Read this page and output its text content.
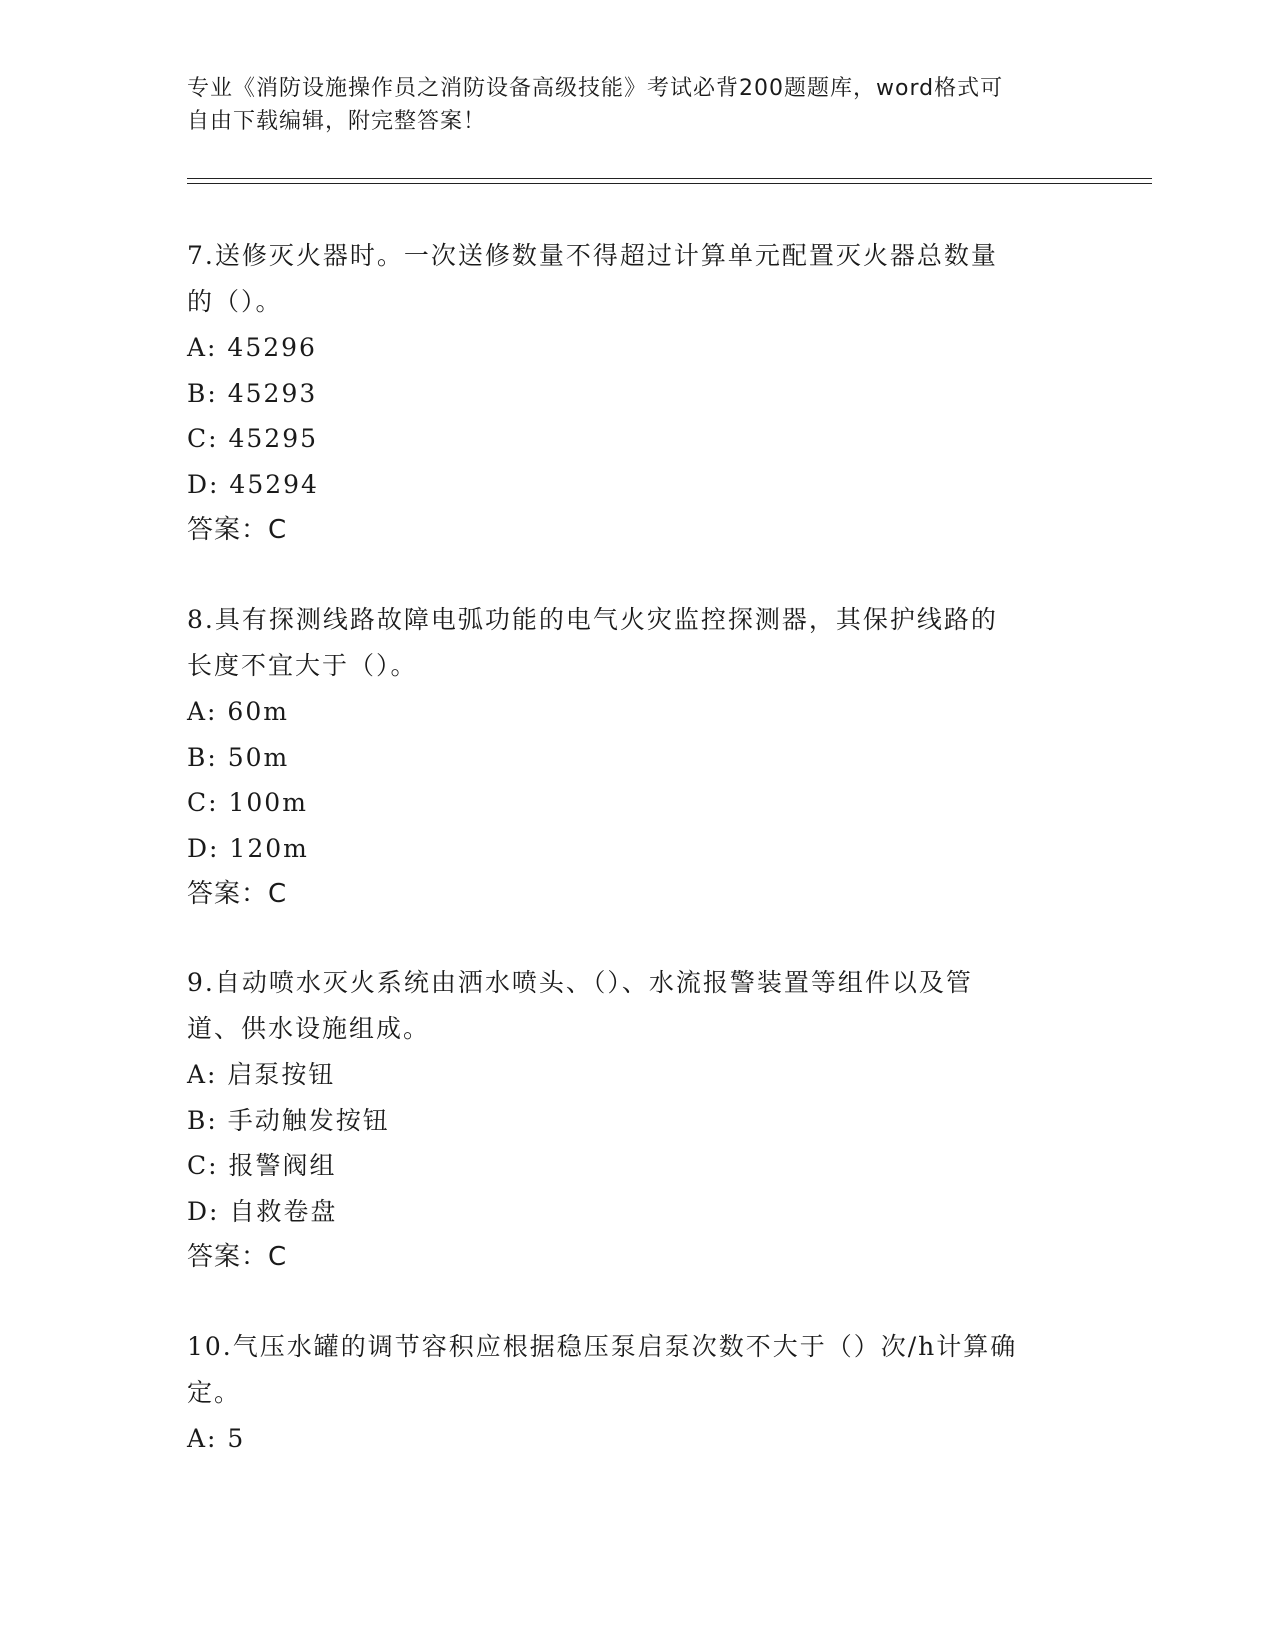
专业《消防设施操作员之消防设备高级技能》考试必背200题题库，word格式可
自由下载编辑，附完整答案！
7.送修灭火器时。一次送修数量不得超过计算单元配置灭火器总数量
的（）。
A: 45296
B: 45293
C: 45295
D: 45294
答案：C
8.具有探测线路故障电弧功能的电气火灾监控探测器，其保护线路的
长度不宜大于（）。
A: 60m
B: 50m
C: 100m
D: 120m
答案：C
9.自动喷水灭火系统由洒水喷头、（）、水流报警装置等组件以及管
道、供水设施组成。
A: 启泵按钮
B: 手动触发按钮
C: 报警阀组
D: 自救卷盘
答案：C
10.气压水罐的调节容积应根据稳压泵启泵次数不大于（）次/h计算确
定。
A: 5
